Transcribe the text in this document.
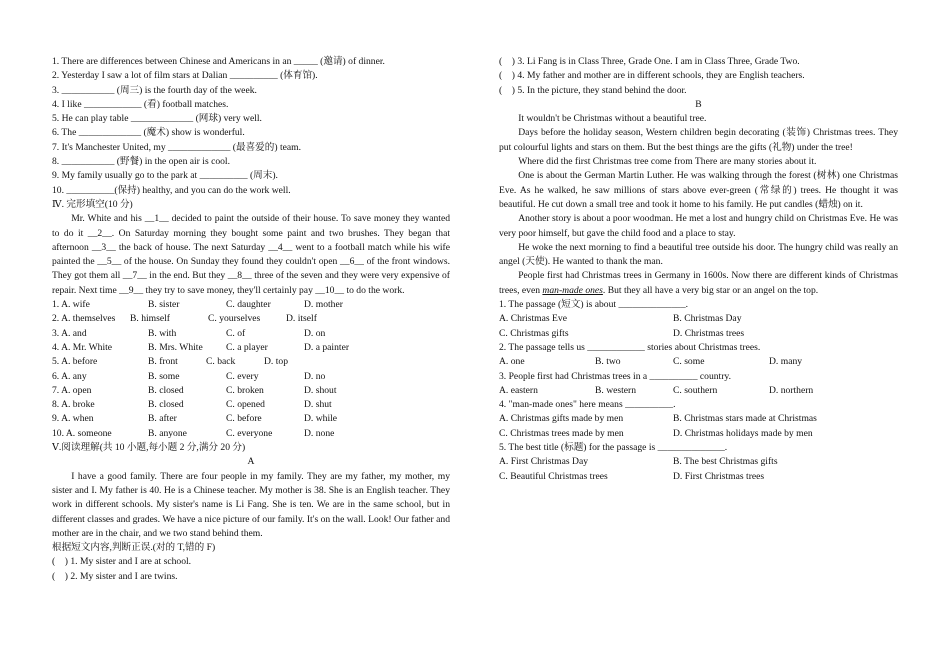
1. There are differences between Chinese and Americans in an _____ (邀请) of dinner.
2. Yesterday I saw a lot of film stars at Dalian __________ (体育馆).
3. ___________ (周三) is the fourth day of the week.
4. I like ____________ (看) football matches.
5. He can play table _____________ (网球) very well.
6. The _____________ (魔术) show is wonderful.
7. It's Manchester United, my _____________ (最喜爱的) team.
8. ___________ (野餐) in the open air is cool.
9. My family usually go to the park at __________ (周末).
10. __________(保持) healthy, and you can do the work well.
Ⅳ. 完形填空(10 分)
Mr. White and his __1__ decided to paint the outside of their house. To save money they wanted to do it __2__. On Saturday morning they bought some paint and two brushes. They began that afternoon __3__ the back of house. The next Saturday __4__ went to a football match while his wife painted the __5__ of the house. On Sunday they found they couldn't open __6__ of the front windows. They got them all __7__ in the end. But they __8__ three of the seven and they were very expensive of repair. Next time __9__ they try to save money, they'll certainly pay __10__ to do the work.
1. A. wife	B. sister	C. daughter	D. mother
2. A. themselves	B. himself	C. yourselves	D. itself
3. A. and	B. with	C. of	D. on
4. A. Mr. White	B. Mrs. White	C. a player	D. a painter
5. A. before	B. front	C. back	D. top
6. A. any	B. some	C. every	D. no
7. A. open	B. closed	C. broken	D. shout
8. A. broke	B. closed	C. opened	D. shut
9. A. when	B. after	C. before	D. while
10. A. someone	B. anyone	C. everyone	D. none
Ⅴ.阅读理解(共 10 小题,每小题 2 分,满分 20 分)
A
I have a good family. There are four people in my family. They are my father, my mother, my sister and I. My father is 40. He is a Chinese teacher. My mother is 38. She is an English teacher. They work in different schools. My sister's name is Li Fang. She is ten. We are in the same school, but in different classes and grades. We have a nice picture of our family. It's on the wall. Look! Our father and mother are in the chair, and we two stand behind them.
根据短文内容,判断正误.(对的 T,错的 F)
(    ) 1. My sister and I are at school.
(    ) 2. My sister and I are twins.
(    ) 3. Li Fang is in Class Three, Grade One. I am in Class Three, Grade Two.
(    ) 4. My father and mother are in different schools, they are English teachers.
(    ) 5. In the picture, they stand behind the door.
B
It wouldn't be Christmas without a beautiful tree.
Days before the holiday season, Western children begin decorating (装饰) Christmas trees. They put colourful lights and stars on them. But the best things are the gifts (礼物) under the tree!
Where did the first Christmas tree come from There are many stories about it.
One is about the German Martin Luther. He was walking through the forest (树林) one Christmas Eve. As he walked, he saw millions of stars above ever-green (常绿的) trees. He thought it was beautiful. He cut down a small tree and took it home to his family. He put candles (蜡烛) on it.
Another story is about a poor woodman. He met a lost and hungry child on Christmas Eve. He was very poor himself, but gave the child food and a place to stay.
He woke the next morning to find a beautiful tree outside his door. The hungry child was really an angel (天使). He wanted to thank the man.
People first had Christmas trees in Germany in 1600s. Now there are different kinds of Christmas trees, even man-made ones. But they all have a very big star or an angel on the top.
1. The passage (短文) is about ______________.
A. Christmas Eve	B. Christmas Day
C. Christmas gifts	D. Christmas trees
2. The passage tells us ____________ stories about Christmas trees.
A. one	B. two	C. some	D. many
3. People first had Christmas trees in a __________ country.
A. eastern	B. western	C. southern	D. northern
4. "man-made ones" here means __________.
A. Christmas gifts made by men	B. Christmas stars made at Christmas
C. Christmas trees made by men	D. Christmas holidays made by men
5. The best title (标题) for the passage is ______________.
A. First Christmas Day	B. The best Christmas gifts
C. Beautiful Christmas trees	D. First Christmas trees
